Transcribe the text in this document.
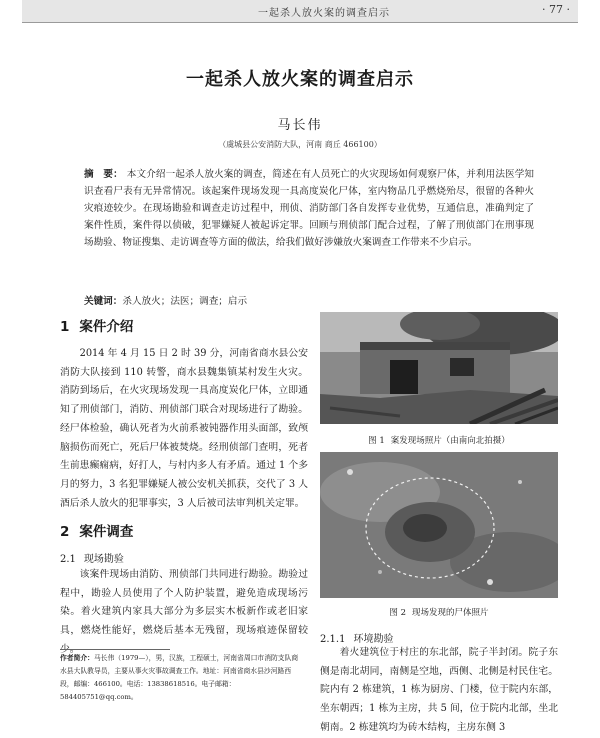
一起杀人放火案的调查启示	· 77 ·
一起杀人放火案的调查启示
马长伟
（虞城县公安消防大队，河南 商丘 466100）
摘　要： 本文介绍一起杀人放火案的调查，简述在有人员死亡的火灾现场如何观察尸体，并利用法医学知识查看尸表有无异常情况。该起案件现场发现一具高度炭化尸体，室内物品几乎燃烧殆尽，很留的各种火灾痕迹较少。在现场勘验和调查走访过程中，刑侦、消防部门各自发挥专业优势，互通信息，准确判定了案件性质，案件得以侦破，犯罪嫌疑人被起诉定罪。回顾与刑侦部门配合过程，了解了刑侦部门在刑事现场勘验、物证搜集、走访调查等方面的做法，给我们做好涉嫌放火案调查工作带来不少启示。
关键词：杀人放火；法医；调查；启示
1 案件介绍

2014 年 4 月 15 日 2 时 39 分，河南省商水县公安消防大队接到 110 转警，商水县魏集镇某村发生火灾。消防到场后，在火灾现场发现一具高度炭化尸体，立即通知了刑侦部门，消防、刑侦部门联合对现场进行了勘验。经尸体检验，确认死者为火前系被钝器作用头面部，致颅脑损伤而死亡，死后尸体被焚烧。经刑侦部门查明，死者生前患癫痫病，好打人，与村内多人有矛盾。通过 1 个多月的努力，3 名犯罪嫌疑人被公安机关抓获，交代了 3 人酒后杀人放火的犯罪事实，3 人后被司法审判机关定罪。

2 案件调查
2.1 现场勘验

该案件现场由消防、刑侦部门共同进行勘验。勘验过程中，勘验人员使用了个人防护装置，避免造成现场污染。着火建筑内家具大部分为多层实木板新作或老旧家具，燃烧性能好，燃烧后基本无残留，现场痕迹保留较少。

作者简介：马长伟（1979—），男，汉族，工程硕士，河南省周口市消防支队商水县大队教导员，主要从事火灾事故调查工作。地址：河南省商水县沙河路西段，邮编：466100。电话：13838618516。电子邮箱：584405751@qq.com。
图 1 案发现场照片（由南向北拍摄）
图 2 现场发现的尸体照片
2.1.1 环境勘验

着火建筑位于村庄的东北部，院子半封闭。院子东侧是南北胡同，南侧是空地，西侧、北侧是村民住宅。院内有 2 栋建筑，1 栋为厨房、门楼，位于院内东部，坐东朝西；1 栋为主房，共 5 间，位于院内北部，坐北朝南。2 栋建筑均为砖木结构，主房东侧 3
